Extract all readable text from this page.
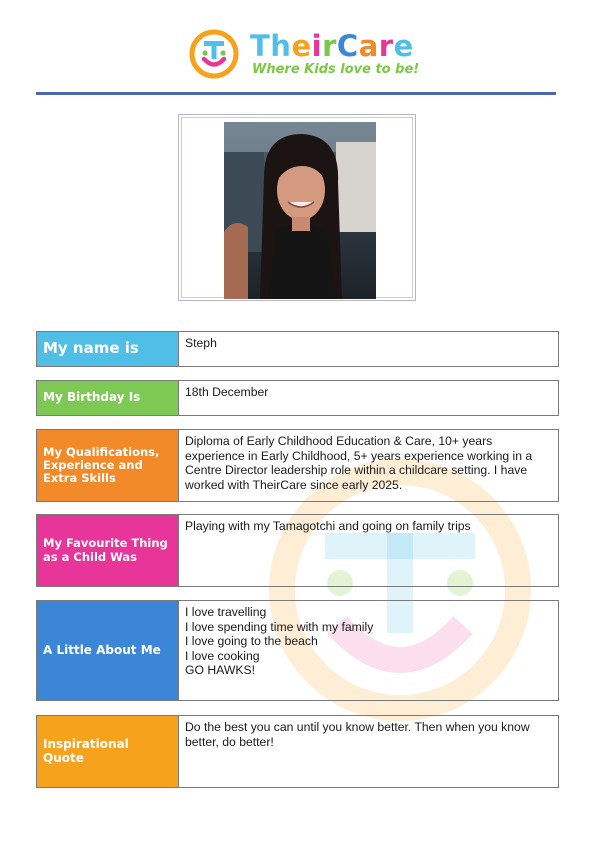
TheirCare
Where Kids love to be!
My name is	Steph
My Birthday Is	18th December
My Qualifications, Experience and Extra Skills
Diploma of Early Childhood Education & Care, 10+ years experience in Early Childhood, 5+ years experience working in a Centre Director leadership role within a childcare setting. I have worked with TheirCare since early 2025.
My Favourite Thing as a Child Was
Playing with my Tamagotchi and going on family trips
A Little About Me
I love travelling
I love spending time with my family
I love going to the beach
I love cooking
GO HAWKS!
Inspirational Quote
Do the best you can until you know better. Then when you know better, do better!
